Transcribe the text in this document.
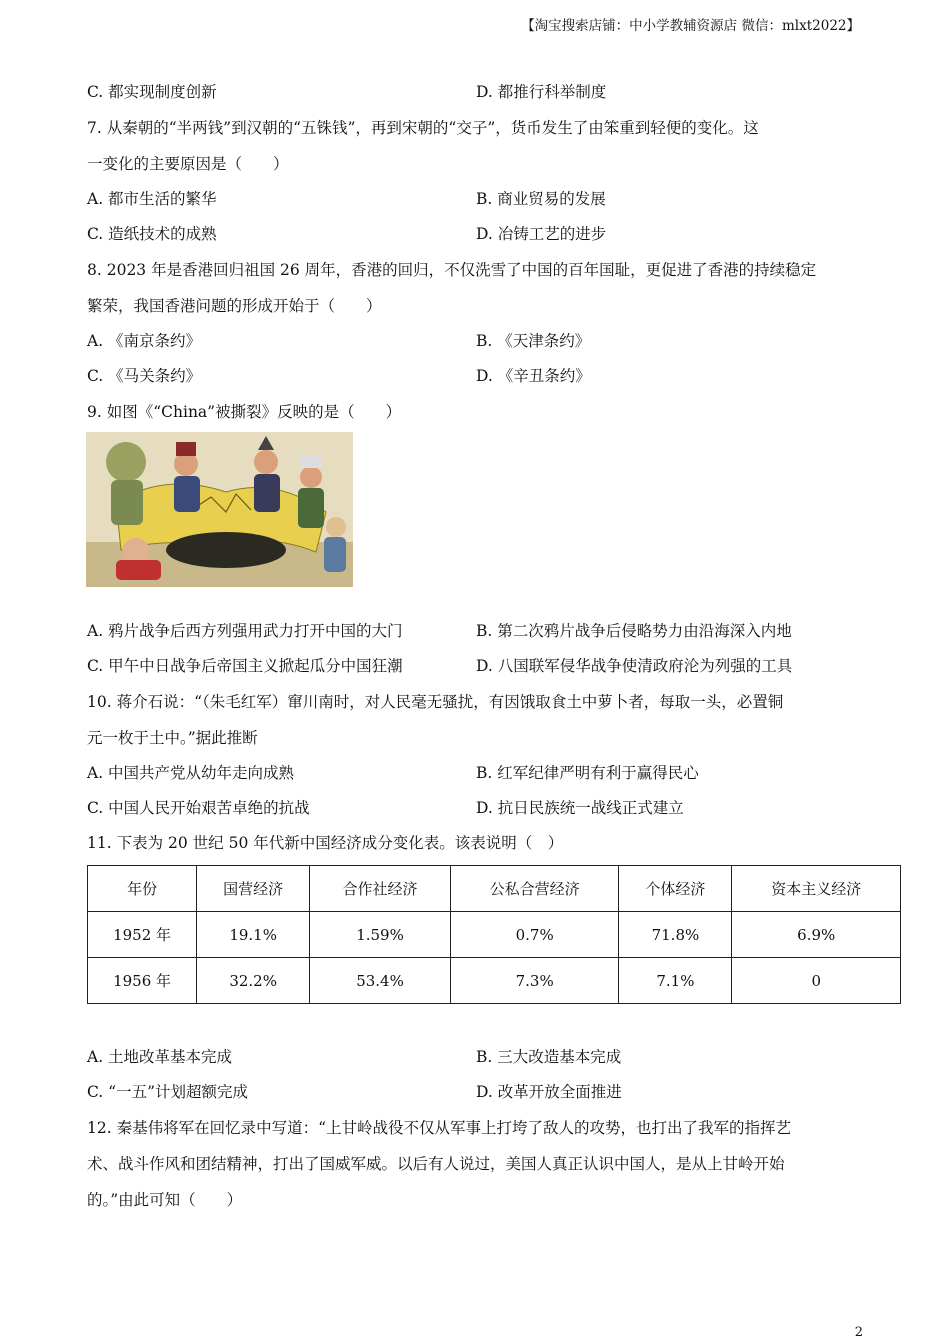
【淘宝搜索店铺：中小学教辅资源店 微信：mlxt2022】
C. 都实现制度创新	D. 都推行科举制度
7. 从秦朝的“半两钱”到汉朝的“五铢钱”，再到宋朝的“交子”，货币发生了由笨重到轻便的变化。这
一变化的主要原因是（　　）
A. 都市生活的繁华	B. 商业贸易的发展
C. 造纸技术的成熟	D. 冶铸工艺的进步
8. 2023 年是香港回归祖国 26 周年，香港的回归，不仅洗雪了中国的百年国耻，更促进了香港的持续稳定
繁荣，我国香港问题的形成开始于（　　）
A. 《南京条约》	B. 《天津条约》
C. 《马关条约》	D. 《辛丑条约》
9. 如图《“China”被撕裂》反映的是（　　）
A. 鸦片战争后西方列强用武力打开中国的大门	B. 第二次鸦片战争后侵略势力由沿海深入内地
C. 甲午中日战争后帝国主义掀起瓜分中国狂潮	D. 八国联军侵华战争使清政府沦为列强的工具
10. 蒋介石说：“（朱毛红军）窜川南时，对人民毫无骚扰，有因饿取食土中萝卜者，每取一头，必置铜
元一枚于土中。”据此推断
A. 中国共产党从幼年走向成熟	B. 红军纪律严明有利于赢得民心
C. 中国人民开始艰苦卓绝的抗战	D. 抗日民族统一战线正式建立
11. 下表为 20 世纪 50 年代新中国经济成分变化表。该表说明（　）
年份	国营经济	合作社经济	公私合营经济	个体经济	资本主义经济
1952 年	19.1%	1.59%	0.7%	71.8%	6.9%
1956 年	32.2%	53.4%	7.3%	7.1%	0
A. 土地改革基本完成	B. 三大改造基本完成
C. “一五”计划超额完成	D. 改革开放全面推进
12. 秦基伟将军在回忆录中写道：“上甘岭战役不仅从军事上打垮了敌人的攻势，也打出了我军的指挥艺
术、战斗作风和团结精神，打出了国威军威。以后有人说过，美国人真正认识中国人，是从上甘岭开始
的。”由此可知（　　）
2
